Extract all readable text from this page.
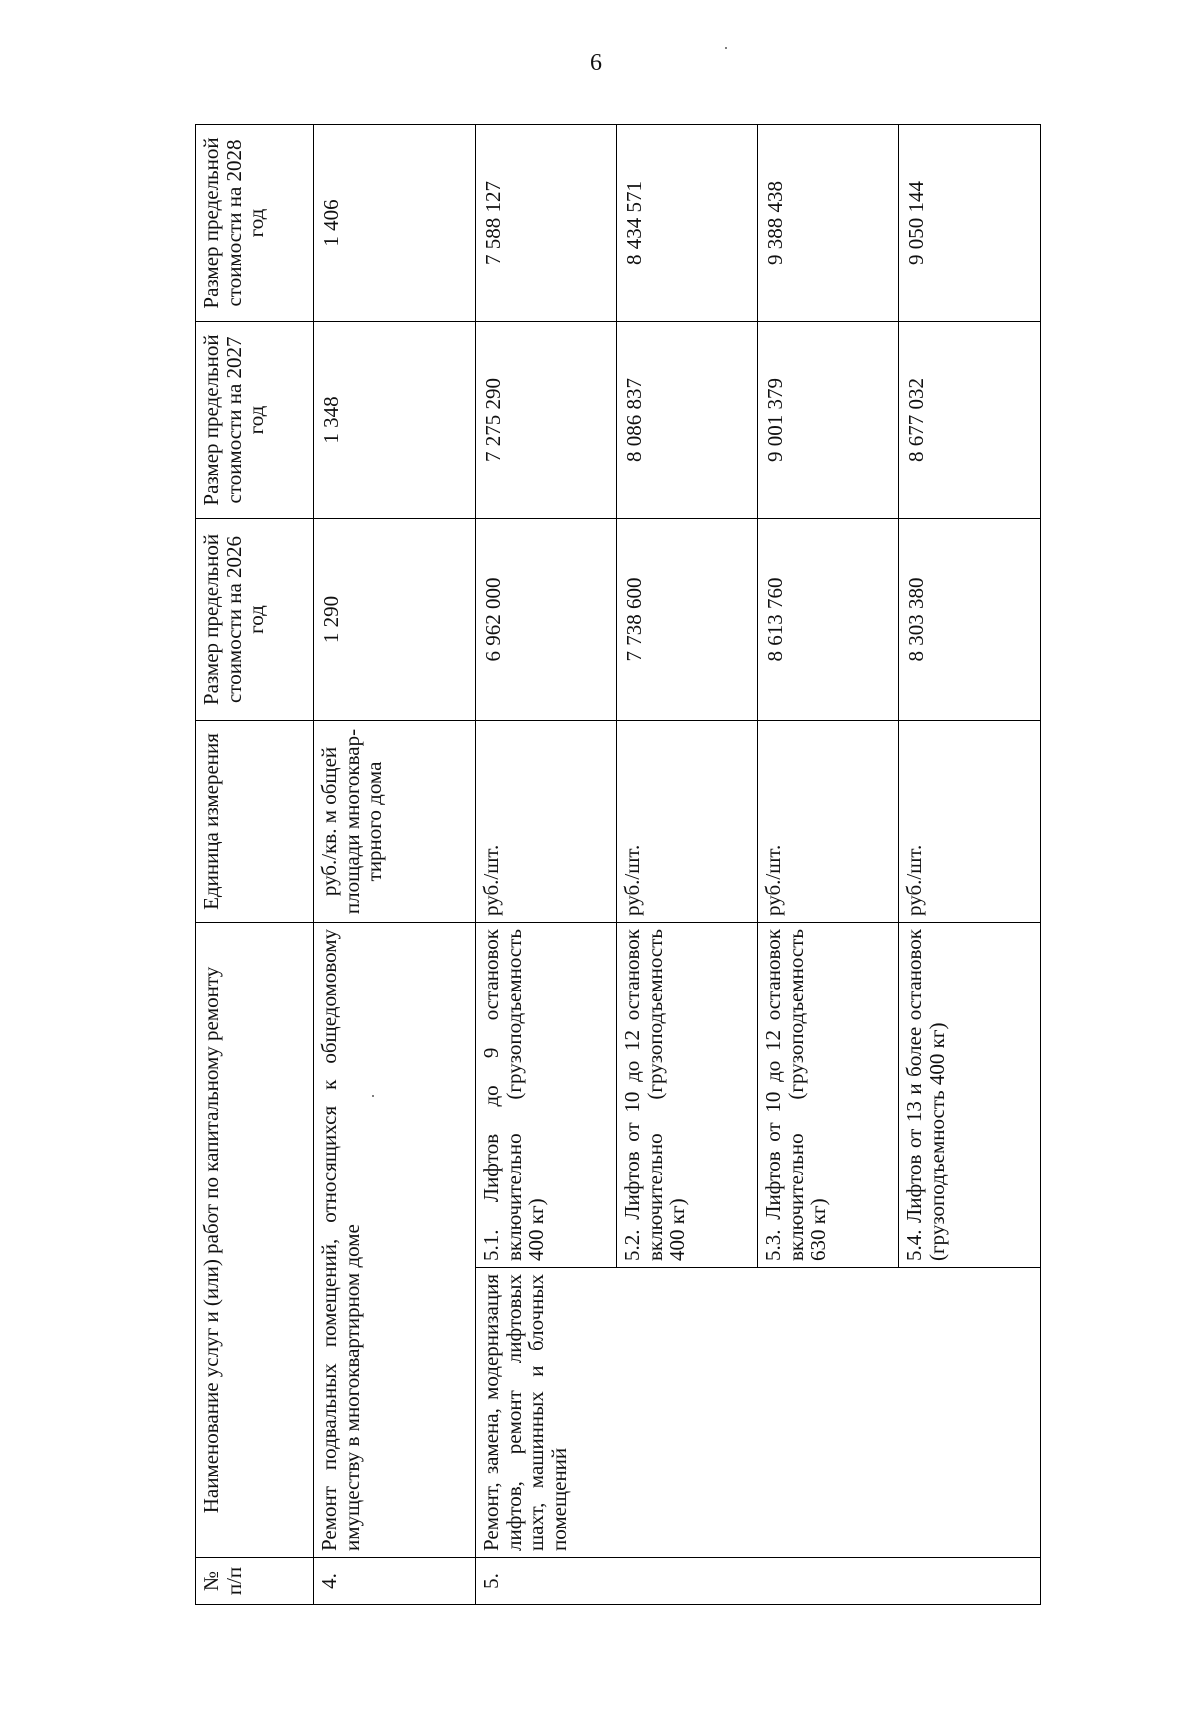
6
№ п/п	Наименование услуг и (или) работ по капитальному ремонту		Единица измерения	Размер предельной стоимости на 2026 год	Размер предельной стоимости на 2027 год	Размер предельной стоимости на 2028 год
4.	Ремонт подвальных помещений, относящихся к общедомовому имуществу в многоквартирном доме		руб./кв. м общей площади многоквар-тирного дома	1 290	1 348	1 406
5.	Ремонт, замена, модернизация лифтов, ремонт лифтовых шахт, машинных и блочных помещений	5.1. Лифтов до 9 остановок включительно (грузоподъемность 400 кг)	руб./шт.	6 962 000	7 275 290	7 588 127
		5.2. Лифтов от 10 до 12 остановок включительно (грузоподъемность 400 кг)	руб./шт.	7 738 600	8 086 837	8 434 571
		5.3. Лифтов от 10 до 12 остановок включительно (грузоподъемность 630 кг)	руб./шт.	8 613 760	9 001 379	9 388 438
		5.4. Лифтов от 13 и более остановок (грузоподъемность 400 кг)	руб./шт.	8 303 380	8 677 032	9 050 144
